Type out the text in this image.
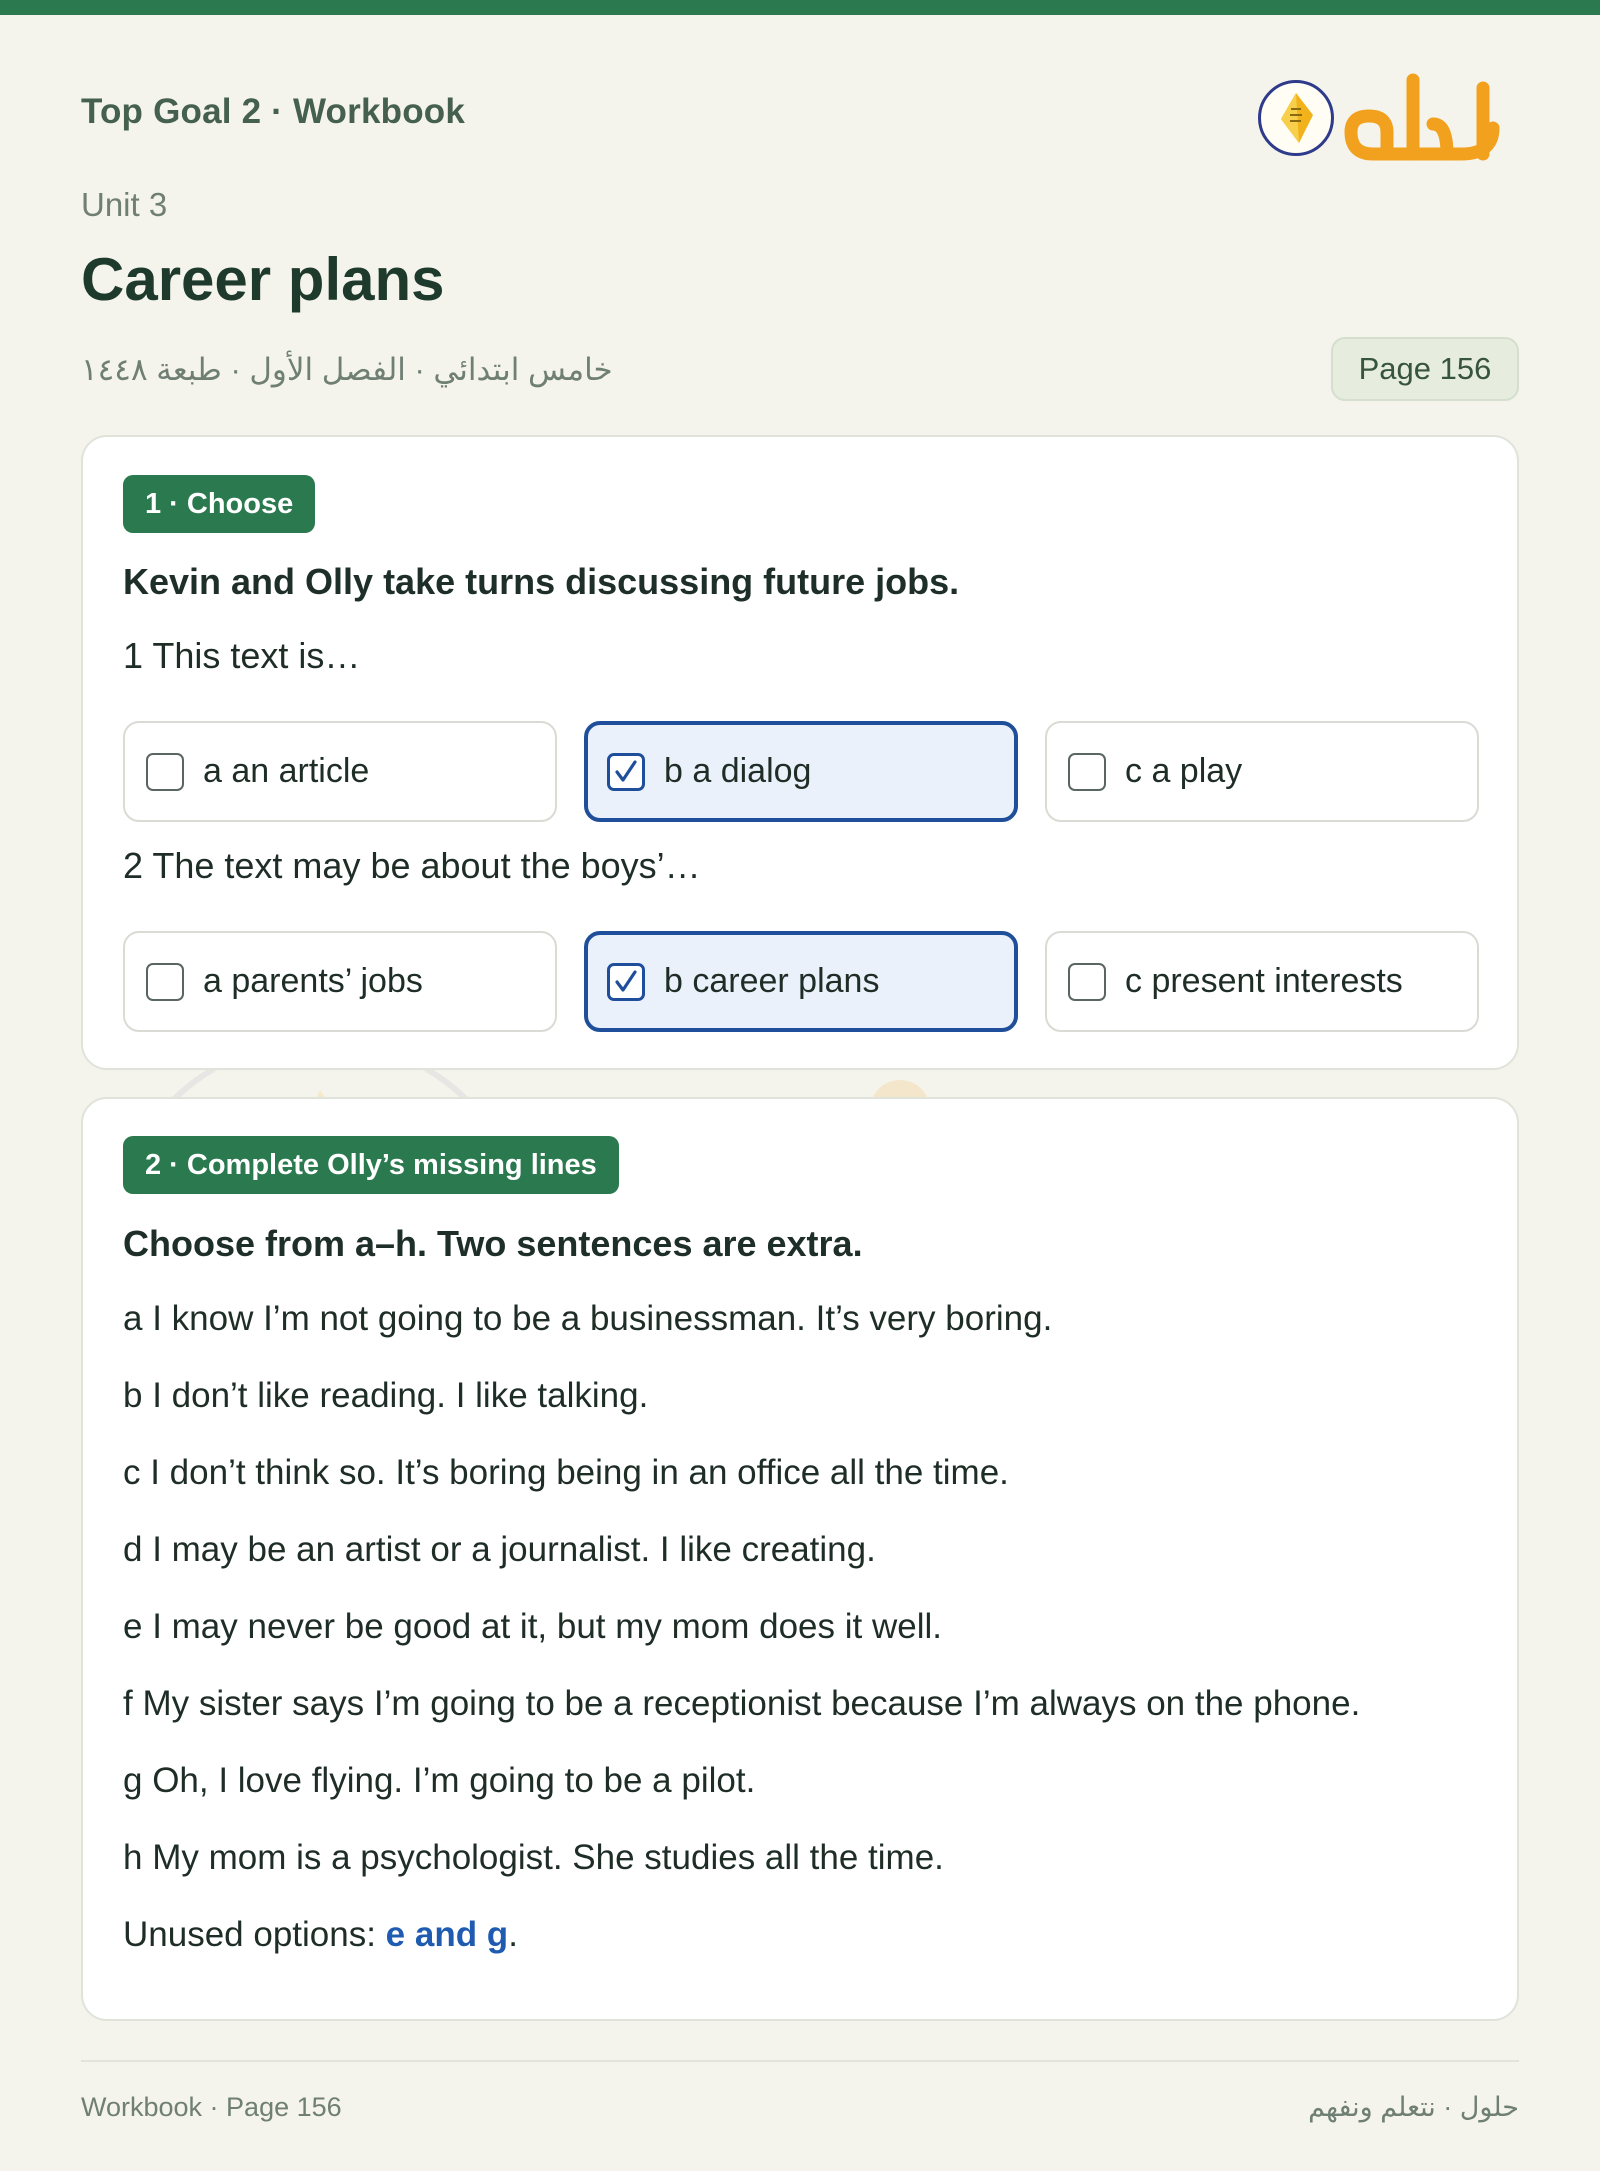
Top Goal 2 · Workbook
Unit 3
Career plans
خامس ابتدائي · الفصل الأول · طبعة ١٤٤٨	Page 156
1 · Choose
Kevin and Olly take turns discussing future jobs.
1 This text is…
a an article	b a dialog	c a play
2 The text may be about the boys’…
a parents’ jobs	b career plans	c present interests
2 · Complete Olly’s missing lines
Choose from a–h. Two sentences are extra.
a I know I’m not going to be a businessman. It’s very boring.
b I don’t like reading. I like talking.
c I don’t think so. It’s boring being in an office all the time.
d I may be an artist or a journalist. I like creating.
e I may never be good at it, but my mom does it well.
f My sister says I’m going to be a receptionist because I’m always on the phone.
g Oh, I love flying. I’m going to be a pilot.
h My mom is a psychologist. She studies all the time.
Unused options: e and g.
Workbook · Page 156	حلول · نتعلم ونفهم
